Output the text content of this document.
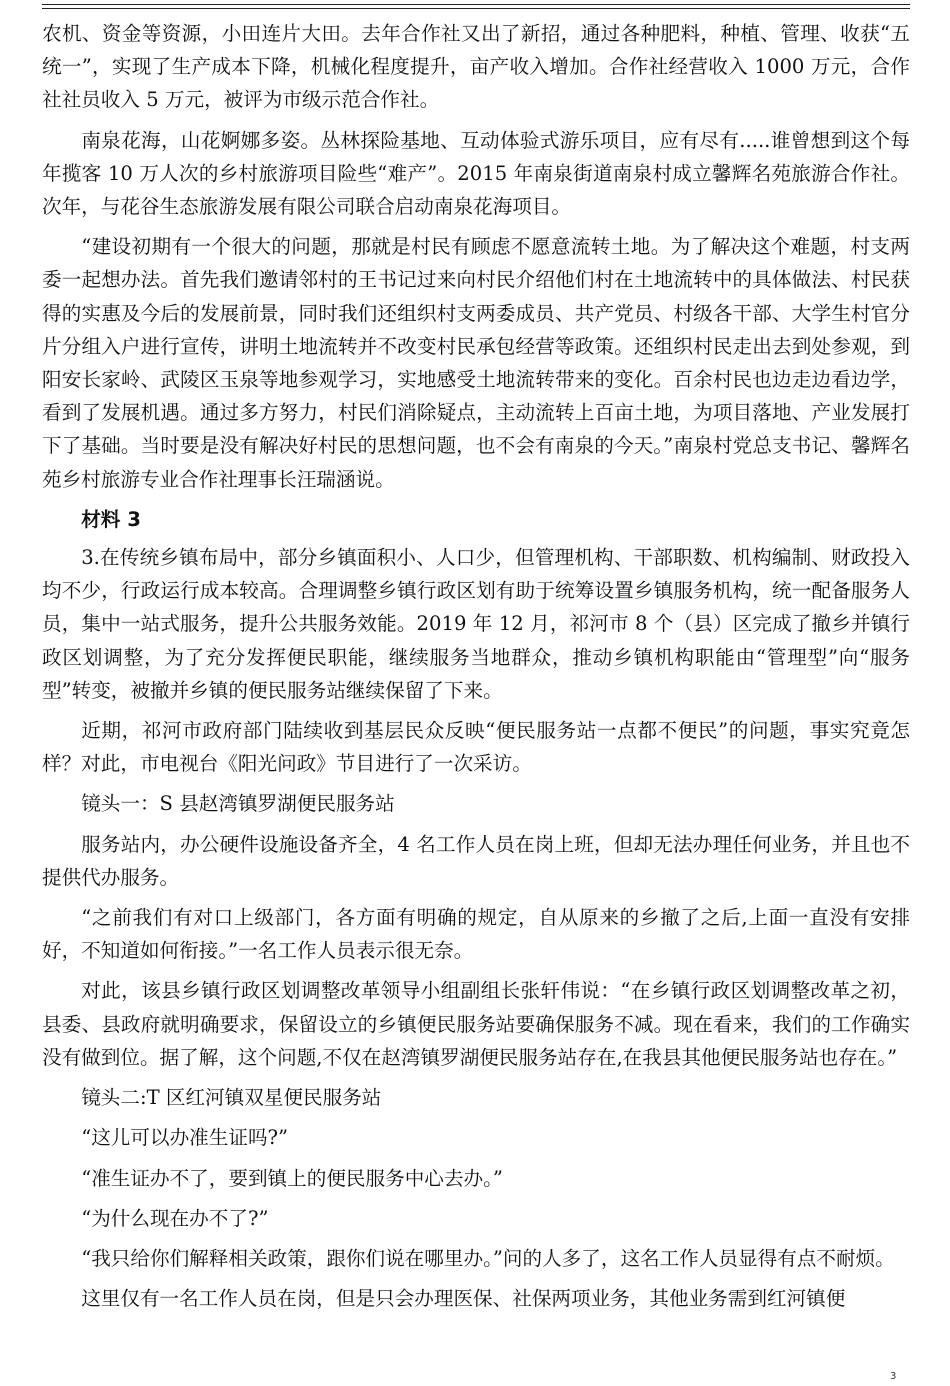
农机、资金等资源，小田连片大田。去年合作社又出了新招，通过各种肥料，种植、管理、收获“五统一”，实现了生产成本下降，机械化程度提升，亩产收入增加。合作社经营收入 1000 万元，合作社社员收入 5 万元，被评为市级示范合作社。

南泉花海，山花婀娜多姿。丛林探险基地、互动体验式游乐项目，应有尽有.....谁曾想到这个每年揽客 10 万人次的乡村旅游项目险些“难产”。2015 年南泉街道南泉村成立馨辉名苑旅游合作社。次年，与花谷生态旅游发展有限公司联合启动南泉花海项目。

“建设初期有一个很大的问题，那就是村民有顾虑不愿意流转土地。为了解决这个难题，村支两委一起想办法。首先我们邀请邻村的王书记过来向村民介绍他们村在土地流转中的具体做法、村民获得的实惠及今后的发展前景，同时我们还组织村支两委成员、共产党员、村级各干部、大学生村官分片分组入户进行宣传，讲明土地流转并不改变村民承包经营等政策。还组织村民走出去到处参观，到阳安长家岭、武陵区玉泉等地参观学习，实地感受土地流转带来的变化。百余村民也边走边看边学，看到了发展机遇。通过多方努力，村民们消除疑点，主动流转上百亩土地，为项目落地、产业发展打下了基础。当时要是没有解决好村民的思想问题，也不会有南泉的今天。”南泉村党总支书记、馨辉名苑乡村旅游专业合作社理事长汪瑞涵说。

材料 3

3.在传统乡镇布局中，部分乡镇面积小、人口少，但管理机构、干部职数、机构编制、财政投入均不少，行政运行成本较高。合理调整乡镇行政区划有助于统筹设置乡镇服务机构，统一配备服务人员，集中一站式服务，提升公共服务效能。2019 年 12 月，祁河市 8 个（县）区完成了撤乡并镇行政区划调整，为了充分发挥便民职能，继续服务当地群众，推动乡镇机构职能由“管理型”向“服务型”转变，被撤并乡镇的便民服务站继续保留了下来。

近期，祁河市政府部门陆续收到基层民众反映“便民服务站一点都不便民”的问题，事实究竟怎样？对此，市电视台《阳光问政》节目进行了一次采访。

镜头一：S 县赵湾镇罗湖便民服务站

服务站内，办公硬件设施设备齐全，4 名工作人员在岗上班，但却无法办理任何业务，并且也不提供代办服务。

“之前我们有对口上级部门，各方面有明确的规定，自从原来的乡撤了之后,上面一直没有安排好，不知道如何衔接。”一名工作人员表示很无奈。

对此，该县乡镇行政区划调整改革领导小组副组长张轩伟说：“在乡镇行政区划调整改革之初，县委、县政府就明确要求，保留设立的乡镇便民服务站要确保服务不减。现在看来，我们的工作确实没有做到位。据了解，这个问题,不仅在赵湾镇罗湖便民服务站存在,在我县其他便民服务站也存在。”

镜头二:T 区红河镇双星便民服务站

“这儿可以办准生证吗?”

“准生证办不了，要到镇上的便民服务中心去办。”

“为什么现在办不了?”

“我只给你们解释相关政策，跟你们说在哪里办。”问的人多了，这名工作人员显得有点不耐烦。

这里仅有一名工作人员在岗，但是只会办理医保、社保两项业务，其他业务需到红河镇便

3
